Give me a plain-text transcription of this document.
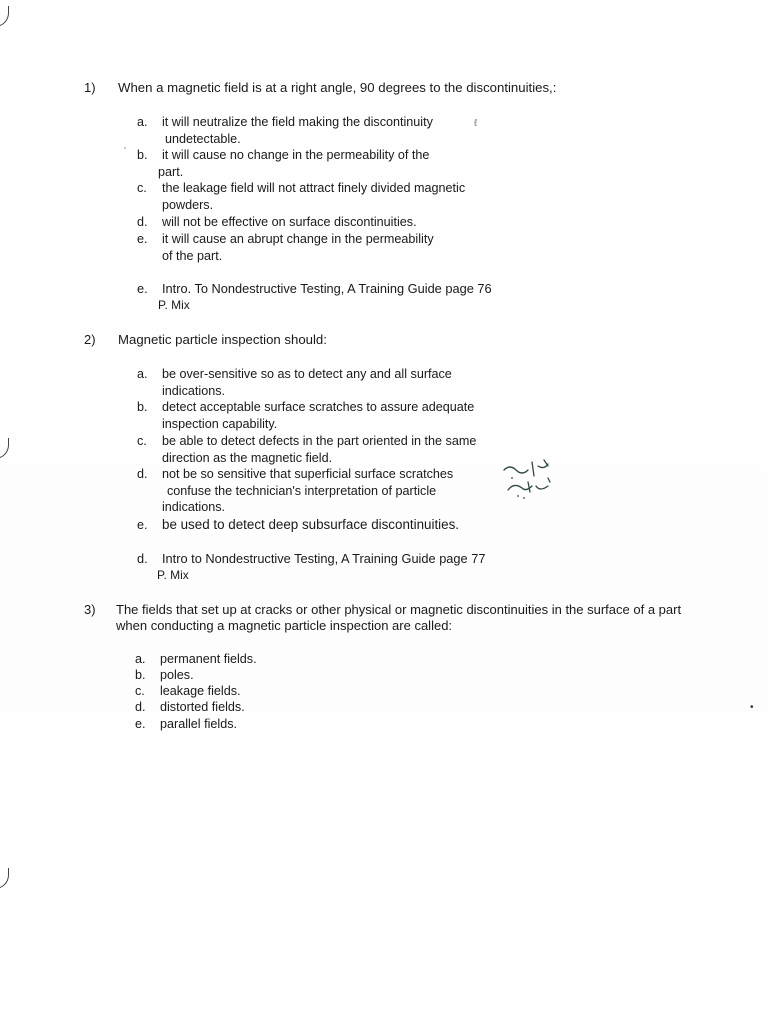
ʻ
ℓ
1) When a magnetic field is at a right angle, 90 degrees to the discontinuities,:
a.	it will neutralize the field making the discontinuity
undetectable.
b.	it will cause no change in the permeability of the
part.
c.	the leakage field will not attract finely divided magnetic
powders.
d.	will not be effective on surface discontinuities.
e.	it will cause an abrupt change in the permeability
of the part.
e. Intro. To Nondestructive Testing, A Training Guide page 76
P. Mix
2) Magnetic particle inspection should:
a.	be over-sensitive so as to detect any and all surface
indications.
b.	detect acceptable surface scratches to assure adequate
inspection capability.
c.	be able to detect defects in the part oriented in the same
direction as the magnetic field.
d.	not be so sensitive that superficial surface scratches
confuse the technician's interpretation of particle
indications.
e.	be used to detect deep subsurface discontinuities.
d. Intro to Nondestructive Testing, A Training Guide page 77
P. Mix
3) The fields that set up at cracks or other physical or magnetic discontinuities in the surface of a part
when conducting a magnetic particle inspection are called:
a.	permanent fields.
b.	poles.
c.	leakage fields.
d.	distorted fields.
e.	parallel fields.
•
